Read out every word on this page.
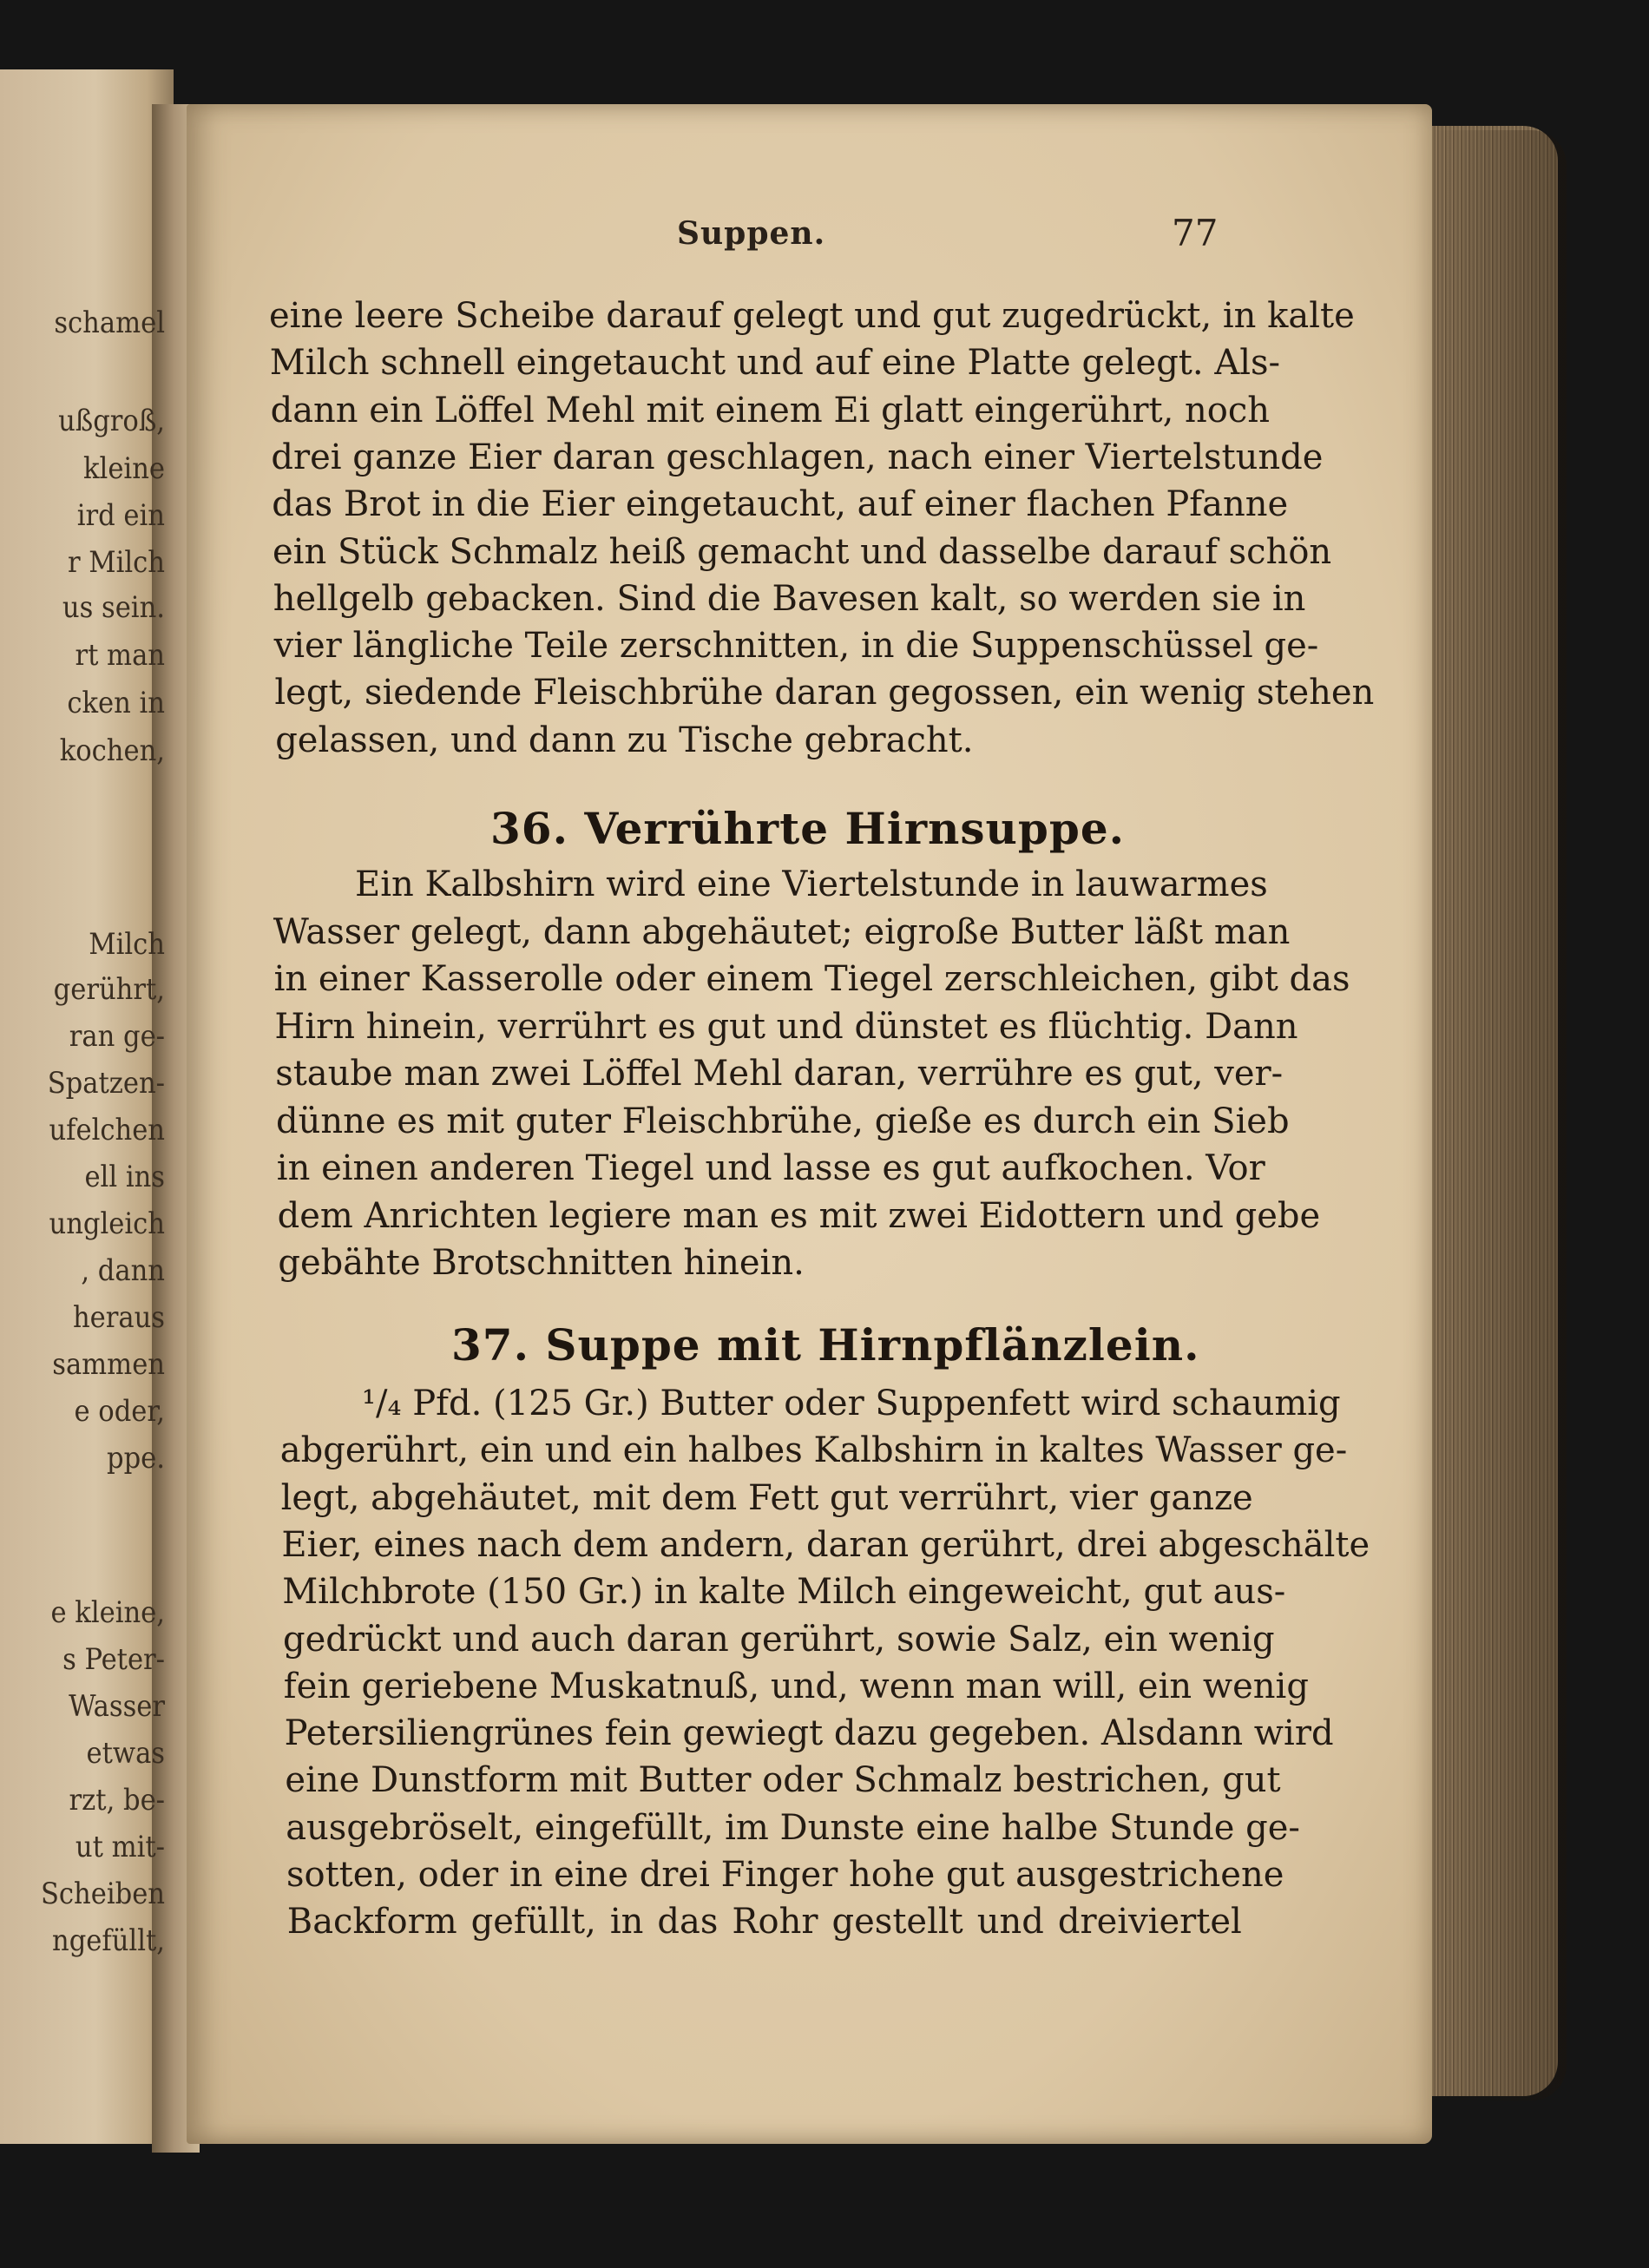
schamel
ußgroß,
kleine
ird ein
r Milch
us sein.
rt man
cken in
kochen,
Milch
gerührt,
ran ge-
Spatzen-
ufelchen
ell ins
ungleich
, dann
heraus
sammen
e oder,
ppe.
e kleine,
s Peter-
Wasser
etwas
rzt, be-
ut mit-
Scheiben
ngefüllt,
Suppen.	77
eine leere Scheibe darauf gelegt und gut zugedrückt, in kalte
Milch schnell eingetaucht und auf eine Platte gelegt. Als-
dann ein Löffel Mehl mit einem Ei glatt eingerührt, noch
drei ganze Eier daran geschlagen, nach einer Viertelstunde
das Brot in die Eier eingetaucht, auf einer flachen Pfanne
ein Stück Schmalz heiß gemacht und dasselbe darauf schön
hellgelb gebacken. Sind die Bavesen kalt, so werden sie in
vier längliche Teile zerschnitten, in die Suppenschüssel ge-
legt, siedende Fleischbrühe daran gegossen, ein wenig stehen
gelassen, und dann zu Tische gebracht.
36. Verrührte Hirnsuppe.
Ein Kalbshirn wird eine Viertelstunde in lauwarmes
Wasser gelegt, dann abgehäutet; eigroße Butter läßt man
in einer Kasserolle oder einem Tiegel zerschleichen, gibt das
Hirn hinein, verrührt es gut und dünstet es flüchtig. Dann
staube man zwei Löffel Mehl daran, verrühre es gut, ver-
dünne es mit guter Fleischbrühe, gieße es durch ein Sieb
in einen anderen Tiegel und lasse es gut aufkochen. Vor
dem Anrichten legiere man es mit zwei Eidottern und gebe
gebähte Brotschnitten hinein.
37. Suppe mit Hirnpflänzlein.
¹/₄ Pfd. (125 Gr.) Butter oder Suppenfett wird schaumig
abgerührt, ein und ein halbes Kalbshirn in kaltes Wasser ge-
legt, abgehäutet, mit dem Fett gut verrührt, vier ganze
Eier, eines nach dem andern, daran gerührt, drei abgeschälte
Milchbrote (150 Gr.) in kalte Milch eingeweicht, gut aus-
gedrückt und auch daran gerührt, sowie Salz, ein wenig
fein geriebene Muskatnuß, und, wenn man will, ein wenig
Petersiliengrünes fein gewiegt dazu gegeben. Alsdann wird
eine Dunstform mit Butter oder Schmalz bestrichen, gut
ausgebröselt, eingefüllt, im Dunste eine halbe Stunde ge-
sotten, oder in eine drei Finger hohe gut ausgestrichene
Backform gefüllt, in das Rohr gestellt und dreiviertel
